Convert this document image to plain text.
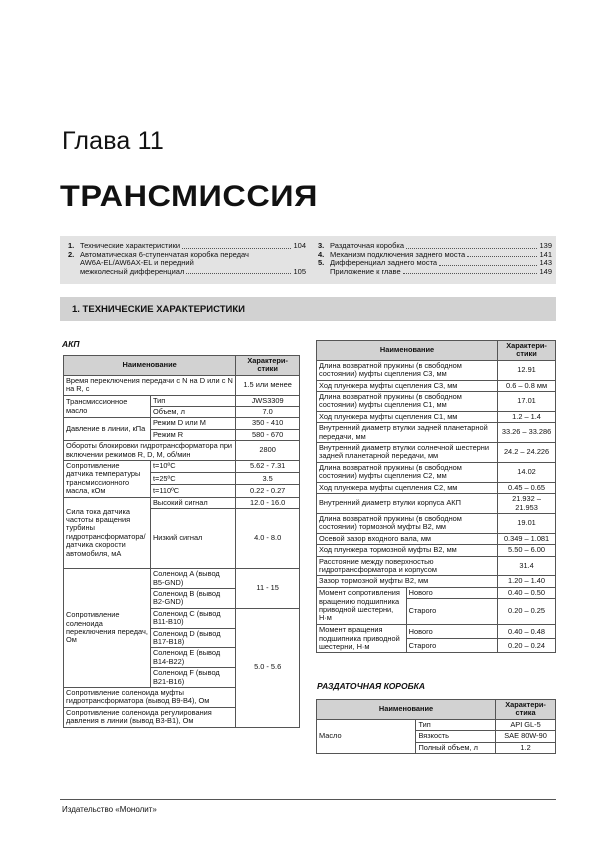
Глава 11
ТРАНСМИССИЯ
1. Технические характеристики	104
2. Автоматическая 6-ступенчатая коробка передач
AW6A-EL/AW6AX-EL и передний
межколесный дифференциал	105
3. Раздаточная коробка	139
4. Механизм подключения заднего моста	141
5. Дифференциал заднего моста	143
Приложение к главе	149
1. ТЕХНИЧЕСКИЕ ХАРАКТЕРИСТИКИ
АКП
Наименование		Характери-стики
Время переключения передачи с N на D или с N на R, с		1.5 или менее
Трансмиссионное масло	Тип	JWS3309
	Объем, л	7.0
Давление в линии, кПа	Режим D или M	350 - 410
	Режим R	580 - 670
Обороты блокировки гидротрансформатора при включении режимов R, D, M, об/мин		2800
Сопротивление датчика температуры трансмиссионного масла, кОм	t=10ºC	5.62 - 7.31
	t=25ºC	3.5
	t=110ºC	0.22 - 0.27
Сила тока датчика частоты вращения турбины гидротрансформатора/ датчика скорости автомобиля, мА	Высокий сигнал	12.0 - 16.0
	Низкий сигнал	4.0 - 8.0
Сопротивление соленоида переключения передач, Ом	Соленоид A (вывод B5-GND)	11 - 15
	Соленоид B (вывод B2-GND)	
	Соленоид C (вывод B11-B10)	5.0 - 5.6
	Соленоид D (вывод B17-B18)	
	Соленоид E (вывод B14-B22)	
	Соленоид F (вывод B21-B16)	
Сопротивление соленоида муфты гидротрансформатора (вывод B9-B4), Ом		
Сопротивление соленоида регулирования давления в линии (вывод B3-B1), Ом		
Наименование		Характери-стики
Длина возвратной пружины (в свободном состоянии) муфты сцепления C3, мм		12.91
Ход плунжера муфты сцепления C3, мм		0.6 – 0.8 мм
Длина возвратной пружины (в свободном состоянии) муфты сцепления C1, мм		17.01
Ход плунжера муфты сцепления C1, мм		1.2 – 1.4
Внутренний диаметр втулки задней планетарной передачи, мм		33.26 – 33.286
Внутренний диаметр втулки солнечной шестерни задней планетарной передачи, мм		24.2 – 24.226
Длина возвратной пружины (в свободном состоянии) муфты сцепления C2, мм		14.02
Ход плунжера муфты сцепления C2, мм		0.45 – 0.65
Внутренний диаметр втулки корпуса АКП		21.932 – 21.953
Длина возвратной пружины (в свободном состоянии) тормозной муфты B2, мм		19.01
Осевой зазор входного вала, мм		0.349 – 1.081
Ход плунжера тормозной муфты B2, мм		5.50 – 6.00
Расстояние между поверхностью гидротрансформатора и корпусом		31.4
Зазор тормозной муфты B2, мм		1.20 – 1.40
Момент сопротивления вращению подшипника приводной шестерни, Н·м	Нового	0.40 – 0.50
	Старого	0.20 – 0.25
Момент вращения подшипника приводной шестерни, Н·м	Нового	0.40 – 0.48
	Старого	0.20 – 0.24
РАЗДАТОЧНАЯ КОРОБКА
Наименование		Характери-стика
Масло	Тип	API GL-5
	Вязкость	SAE 80W-90
	Полный объем, л	1.2
Издательство «Монолит»
